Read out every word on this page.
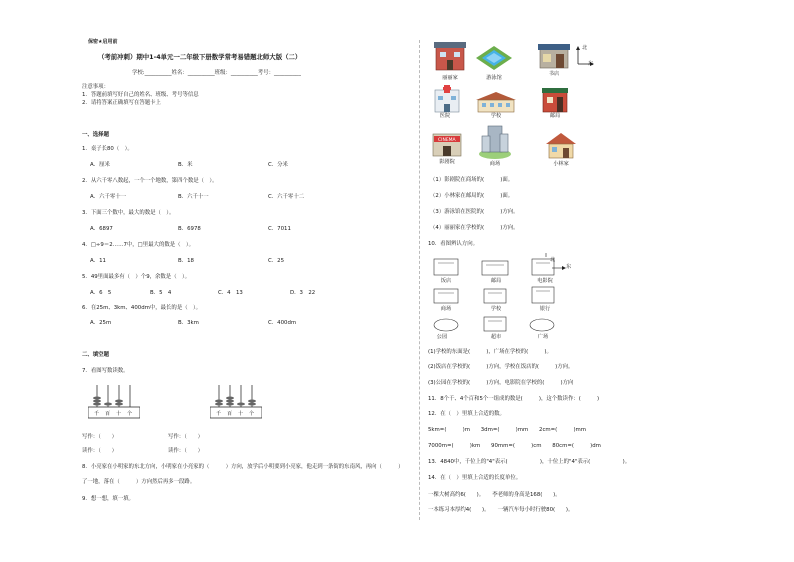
保密★启用前
（考前冲刺）期中1-4单元一二年级下册数学常考易错题北师大版（二）
学校:__________姓名：__________班级：__________考号：__________
注意事项：
1．答题前填写好自己的姓名、班级、考号等信息
2．请将答案正确填写在答题卡上
一、选择题
1．桌子长80（　）。
A．厘米	B．米	C．分米
2．从六千零八数起，一个一个地数，第四个数是（　）。
A．六千零十一	B．六千十一	C．六千零十二
3．下面三个数中，最大的数是（　）。
A．6897	B．6978	C．7011
4．□÷9＝2……7中，□里最大的数是（　）。
A．11	B．18	C．25
5．49里面最多有（　）个9，余数是（　）。
A．6　5	B．5　4	C．4　13	D．3　22
6．在25m、3km、400dm中，最长的是（　）。
A．25m	B．3km	C．400dm
二、填空题
7．看图写数读数。
千 百 十 个	千 百 十 个
写作：（　　）	写作：（　　）
读作：（　　）	读作：（　　）
8．小亮家在小明家的东北方向，小明家在小亮家的（　　　）方向，放学后小明要到小亮家，他走到一条街的东南风，再向（　　　）
了一地，落在（　　　）方向然后再多一段路。
9．想一想，填一填。
丽丽家	游泳馆
书店
北
东
医院	学校	邮局
CINEMA
影剧院	商场	小林家
（1）影剧院在商场的(　　　)面。
（2）小林家在邮局的(　　　)面。
（3）游泳馆在医院的(　　　)方向。
（4）丽丽家在学校的(　　　)方向。
10．看图辨认方向。
饭店	邮局	电影院
商场	学校	银行
公园	超市	广场
北
东
(1)学校的东面是(　　　)，广场在学校的(　　　)。
(2)饭店在学校的(　　　)方向，学校在饭店的(　　　)方向。
(3)公园在学校的(　　　)方向，电影院在学校的(　　　)方向
11．8个千、4个百和5个一组成的数是(　　　)，这个数读作：(　　　)
12．在（　）里填上合适的数。
5km=(　　　)m　　3dm=(　　　)mm　　2cm=(　　　)mm
7000m=(　　　)km　　90mm=(　　　)cm　　80cm=(　　　)dm
13．4840中，千位上的"4"表示(　　　　　　)，十位上的"4"表示(　　　　　　)。
14．在（　）里填上合适的长度单位。
一棵大树高约6(　　)。　　李老师的身高是168(　　)。
一本练习本厚约4(　　)。　　一辆汽车每小时行驶80(　　)。
